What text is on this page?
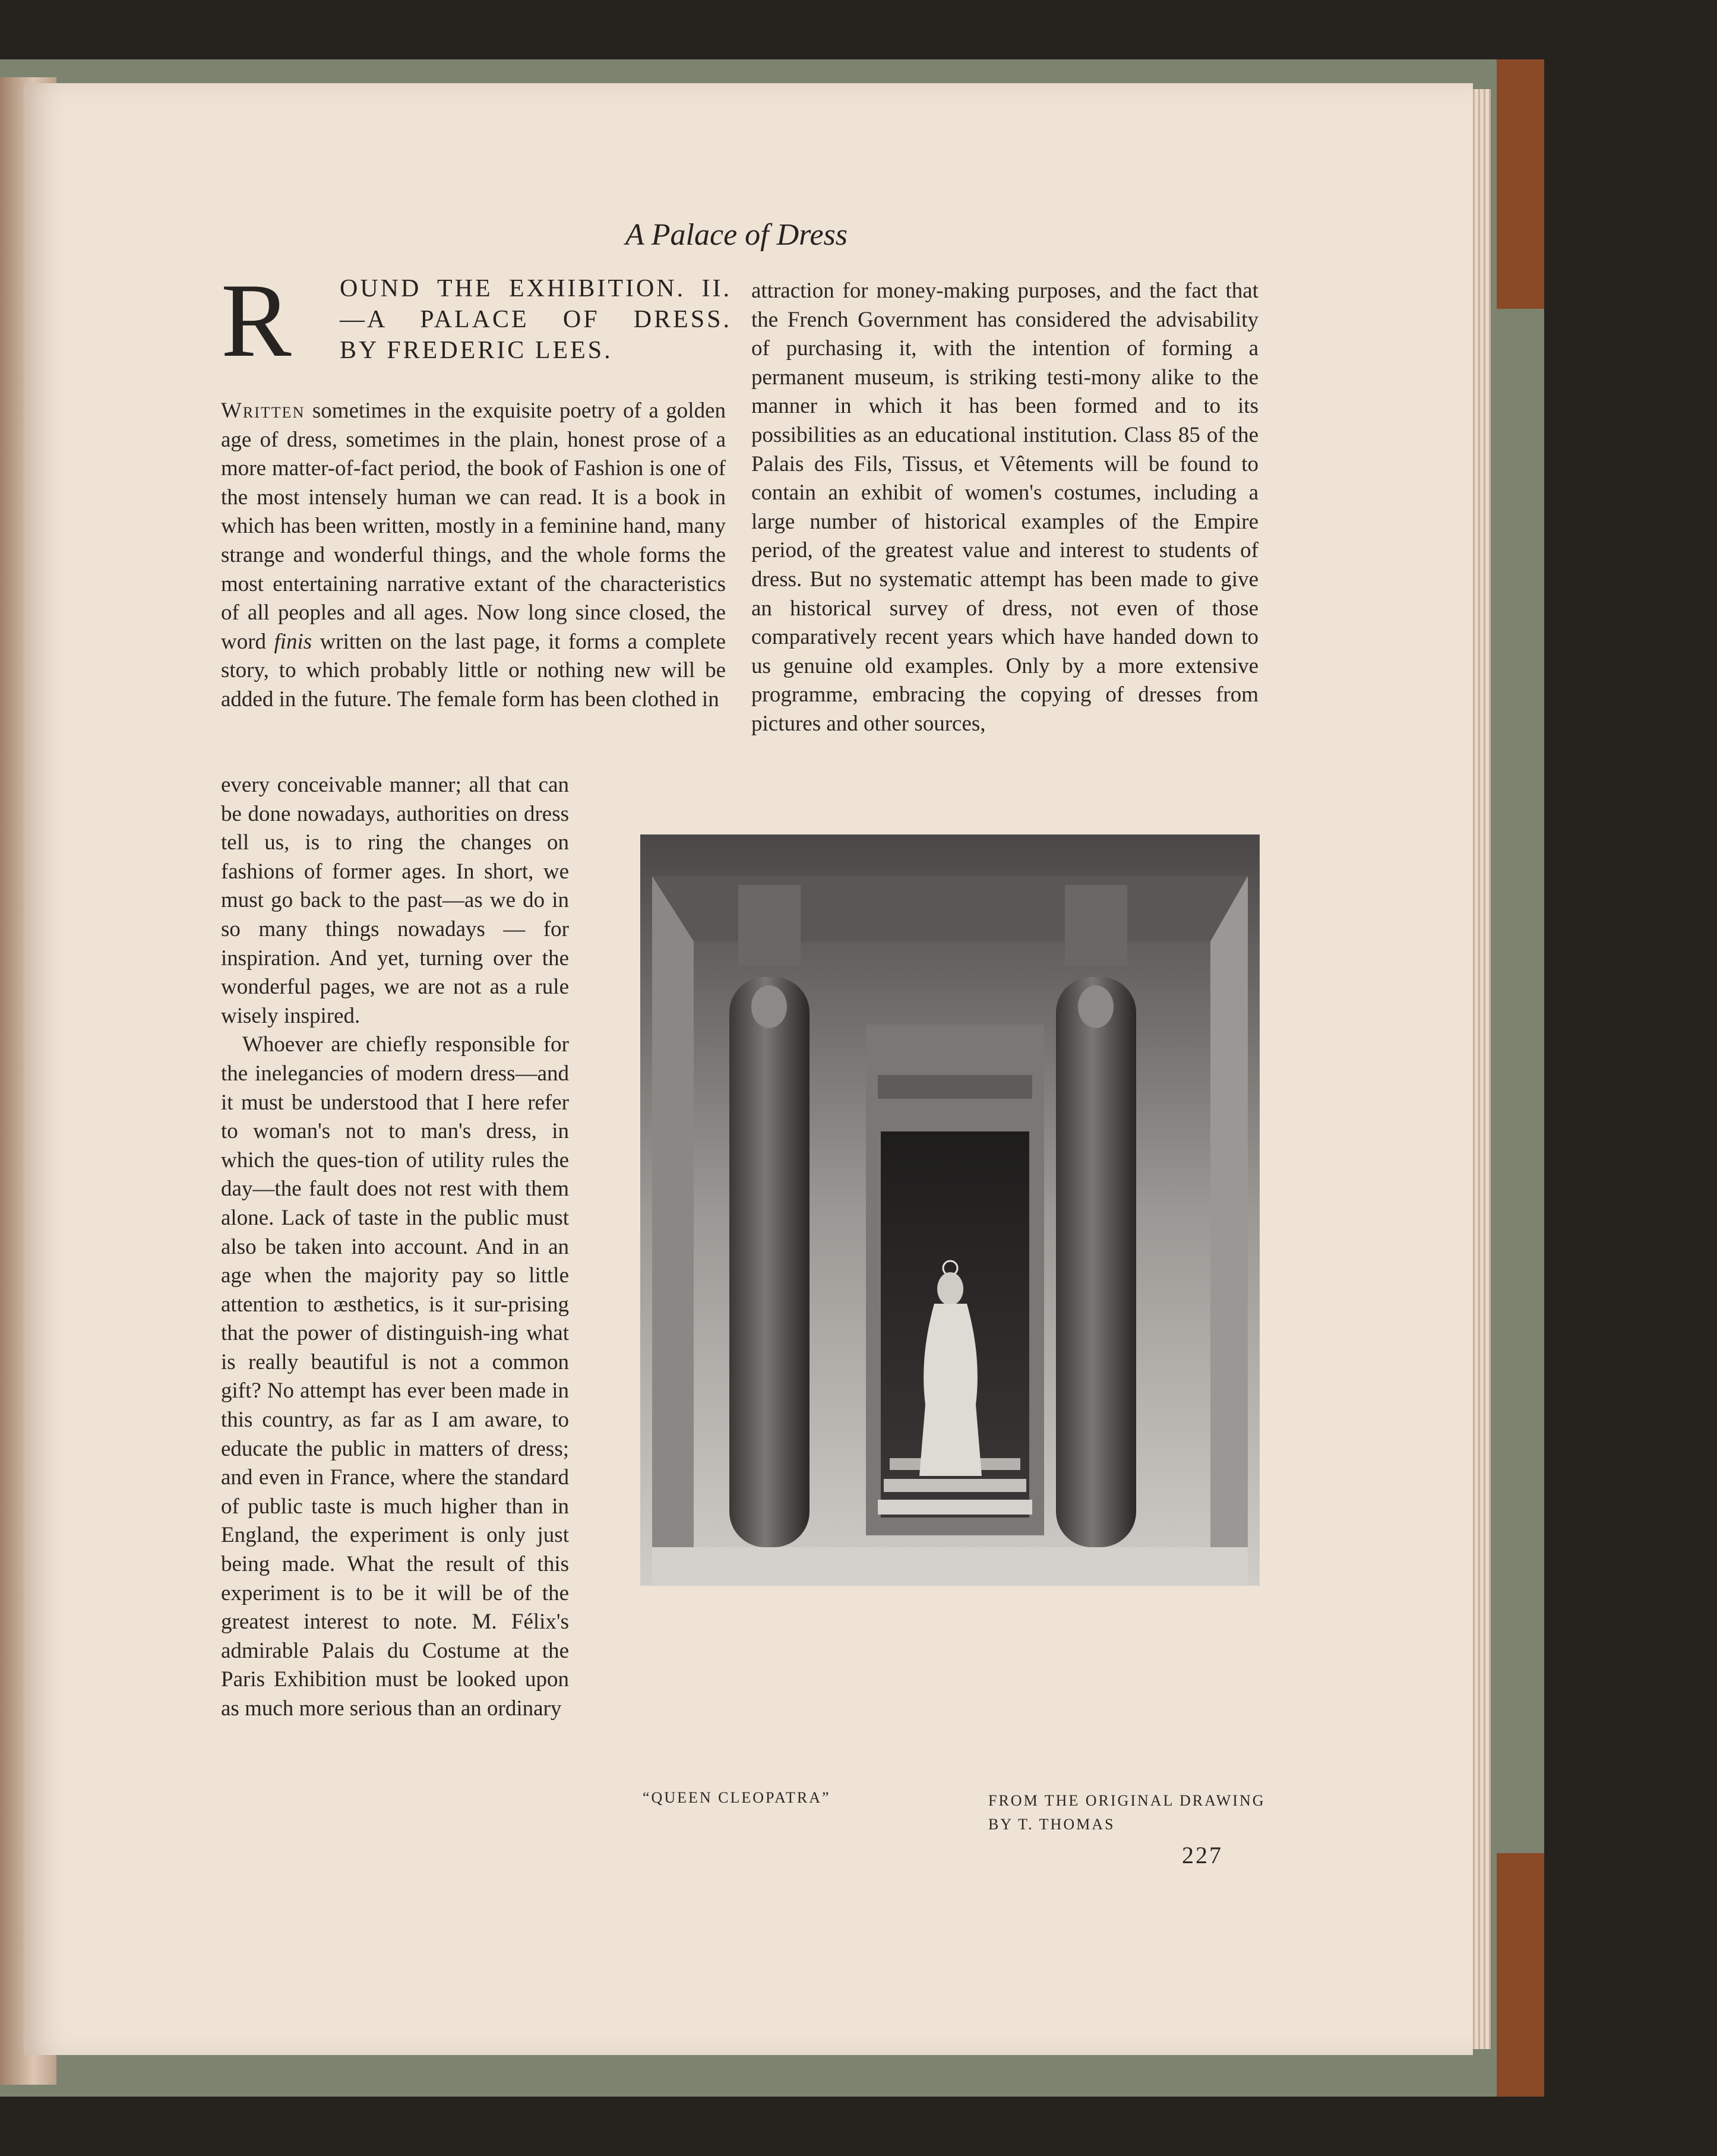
A Palace of Dress
R OUND THE EXHIBITION. II.
—A PALACE OF DRESS.
BY FREDERIC LEES.

Written sometimes in the exquisite poetry of a golden age of dress, sometimes in the plain, honest prose of a more matter-of-fact period, the book of Fashion is one of the most intensely human we can read. It is a book in which has been written, mostly in a feminine hand, many strange and wonderful things, and the whole forms the most entertaining narrative extant of the characteristics of all peoples and all ages. Now long since closed, the word finis written on the last page, it forms a complete story, to which probably little or nothing new will be added in the future. The female form has been clothed in

every conceivable manner; all that can be done nowadays, authorities on dress tell us, is to ring the changes on fashions of former ages. In short, we must go back to the past—as we do in so many things nowadays — for inspiration. And yet, turning over the wonderful pages, we are not as a rule wisely inspired.

Whoever are chiefly responsible for the inelegancies of modern dress—and it must be understood that I here refer to woman's not to man's dress, in which the ques-tion of utility rules the day—the fault does not rest with them alone. Lack of taste in the public must also be taken into account. And in an age when the majority pay so little attention to æsthetics, is it sur-prising that the power of distinguish-ing what is really beautiful is not a common gift? No attempt has ever been made in this country, as far as I am aware, to educate the public in matters of dress; and even in France, where the standard of public taste is much higher than in England, the experiment is only just being made. What the result of this experiment is to be it will be of the greatest interest to note. M. Félix's admirable Palais du Costume at the Paris Exhibition must be looked upon as much more serious than an ordinary

attraction for money-making purposes, and the fact that the French Government has considered the advisability of purchasing it, with the intention of forming a permanent museum, is striking testi-mony alike to the manner in which it has been formed and to its possibilities as an educational institution. Class 85 of the Palais des Fils, Tissus, et Vêtements will be found to contain an exhibit of women's costumes, including a large number of historical examples of the Empire period, of the greatest value and interest to students of dress. But no systematic attempt has been made to give an historical survey of dress, not even of those comparatively recent years which have handed down to us genuine old examples. Only by a more extensive programme, embracing the copying of dresses from pictures and other sources,

“QUEEN CLEOPATRA”	FROM THE ORIGINAL DRAWING
BY T. THOMAS
227
